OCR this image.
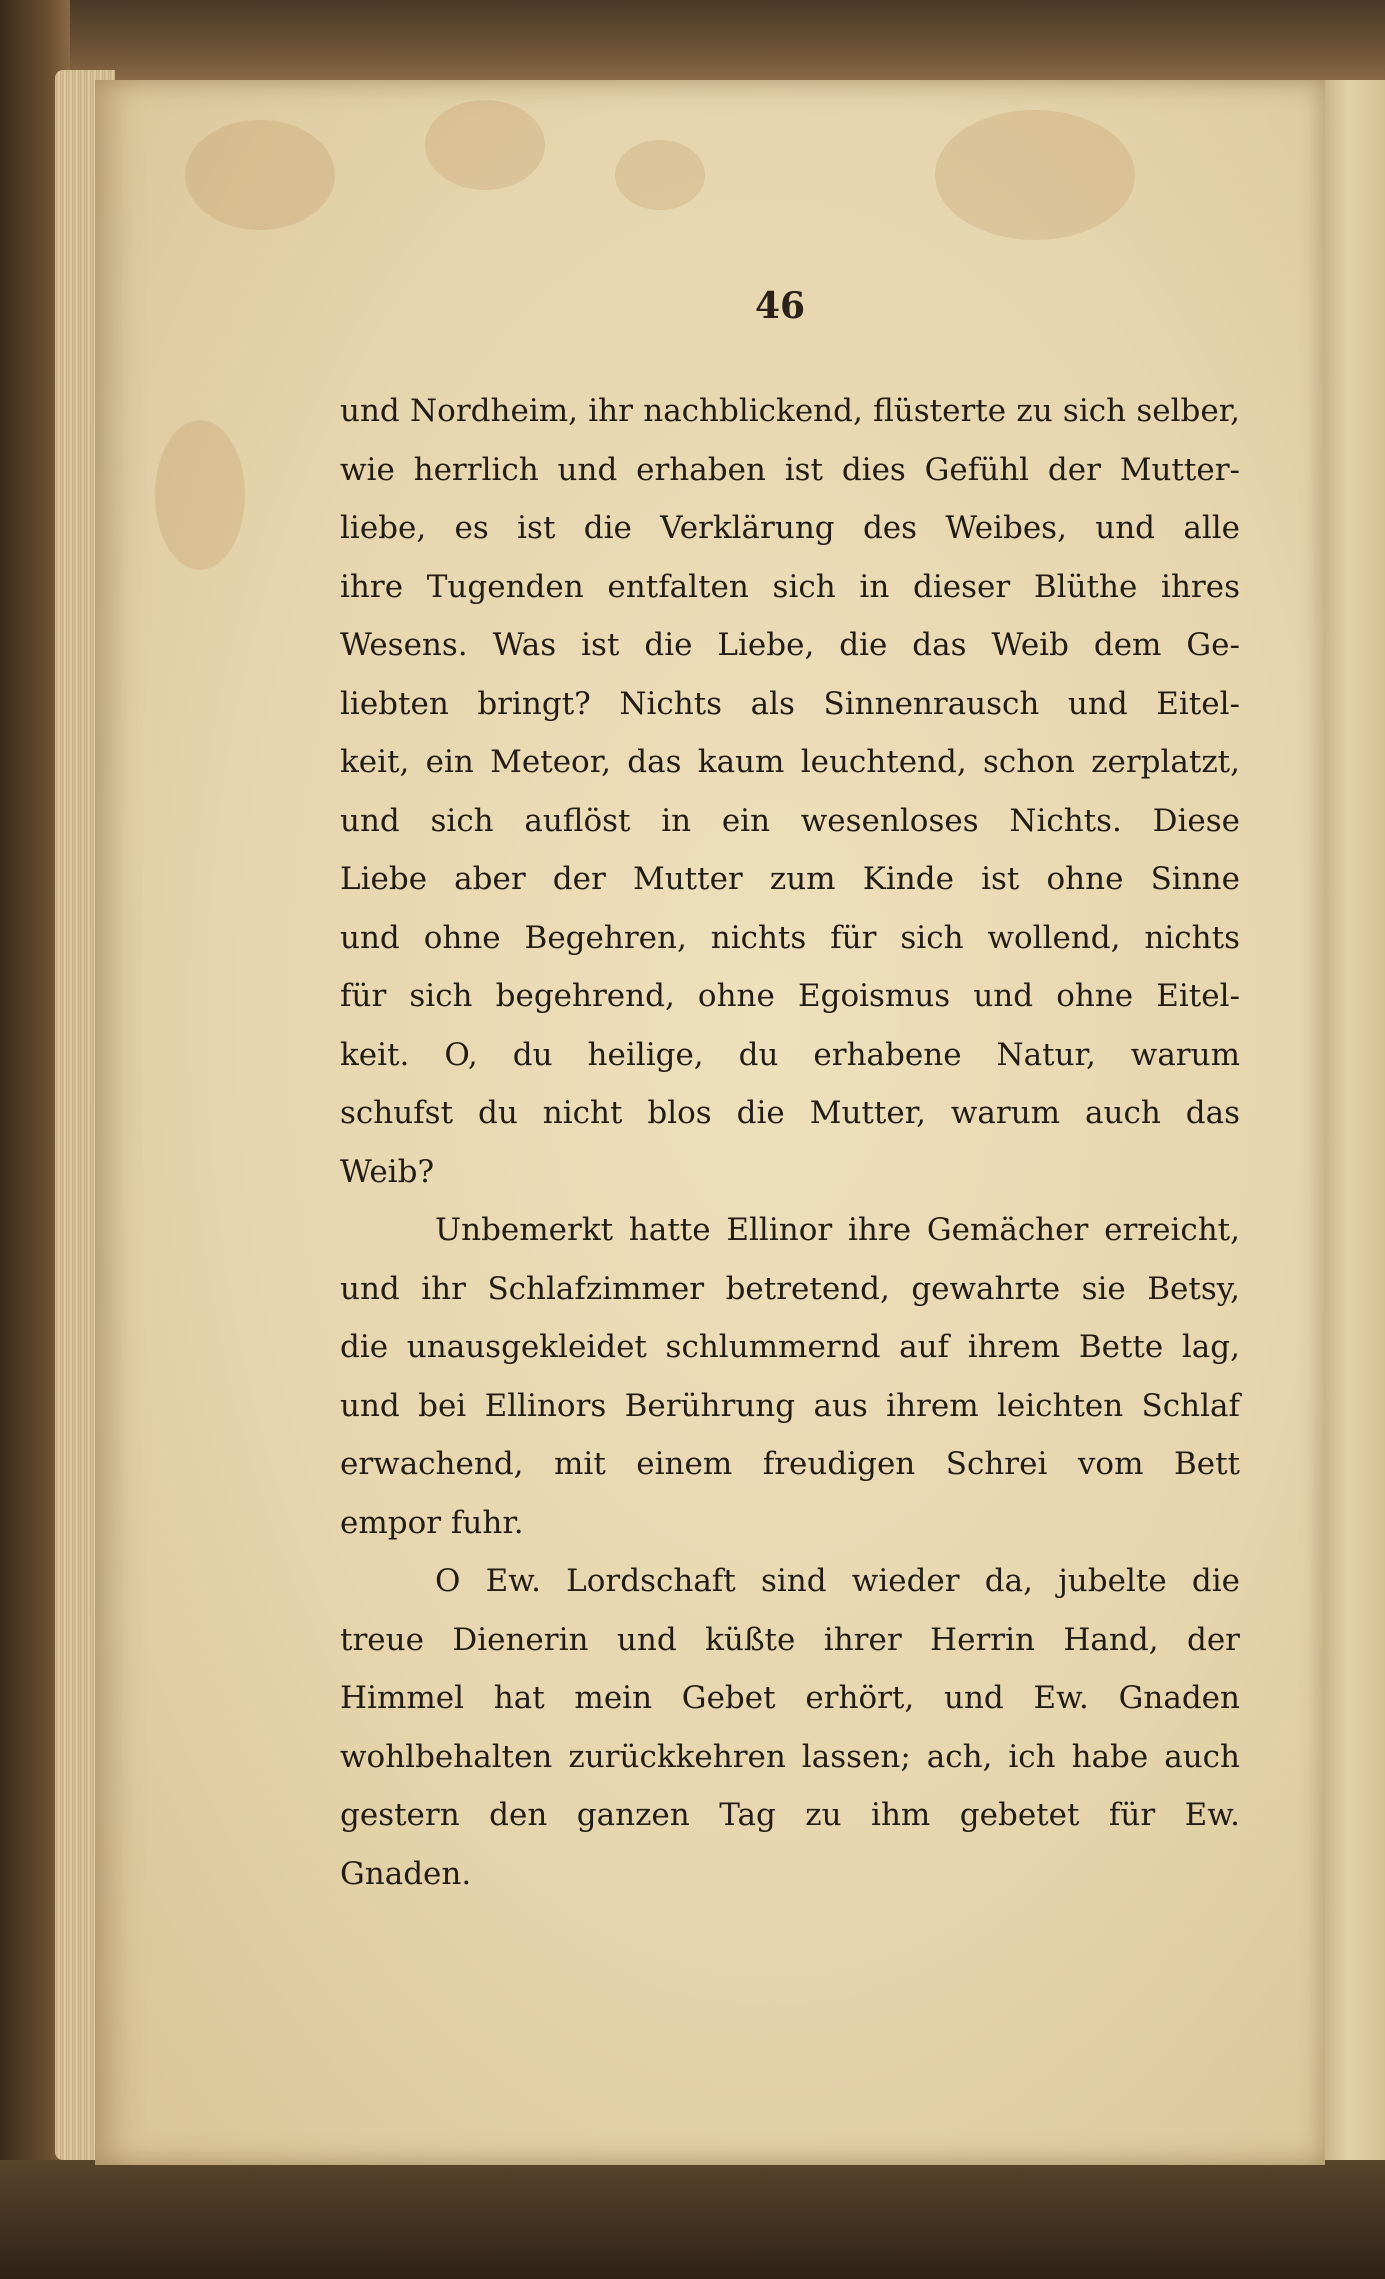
46
und Nordheim, ihr nachblickend, flüsterte zu sich selber,
wie herrlich und erhaben ist dies Gefühl der Mutter-
liebe, es ist die Verklärung des Weibes, und alle
ihre Tugenden entfalten sich in dieser Blüthe ihres
Wesens. Was ist die Liebe, die das Weib dem Ge-
liebten bringt? Nichts als Sinnenrausch und Eitel-
keit, ein Meteor, das kaum leuchtend, schon zerplatzt,
und sich auflöst in ein wesenloses Nichts. Diese
Liebe aber der Mutter zum Kinde ist ohne Sinne
und ohne Begehren, nichts für sich wollend, nichts
für sich begehrend, ohne Egoismus und ohne Eitel-
keit. O, du heilige, du erhabene Natur, warum
schufst du nicht blos die Mutter, warum auch das
Weib?
Unbemerkt hatte Ellinor ihre Gemächer erreicht,
und ihr Schlafzimmer betretend, gewahrte sie Betsy,
die unausgekleidet schlummernd auf ihrem Bette lag,
und bei Ellinors Berührung aus ihrem leichten Schlaf
erwachend, mit einem freudigen Schrei vom Bett
empor fuhr.
O Ew. Lordschaft sind wieder da, jubelte die
treue Dienerin und küßte ihrer Herrin Hand, der
Himmel hat mein Gebet erhört, und Ew. Gnaden
wohlbehalten zurückkehren lassen; ach, ich habe auch
gestern den ganzen Tag zu ihm gebetet für Ew.
Gnaden.
